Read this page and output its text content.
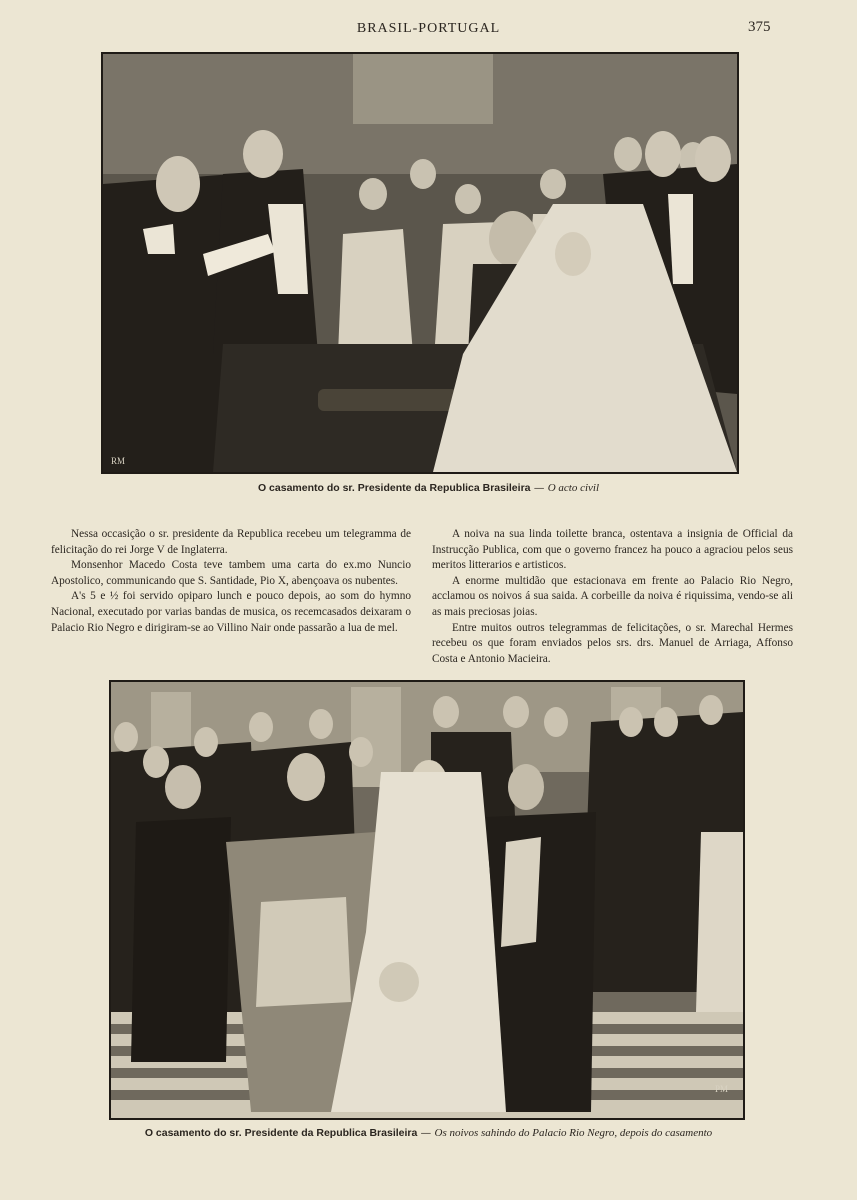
BRASIL-PORTUGAL	375
RM
O casamento do sr. Presidente da Republica Brasileira — O acto civil

Nessa occasição o sr. presidente da Republica recebeu um telegramma de felicitação do rei Jorge V de Inglaterra.

Monsenhor Macedo Costa teve tambem uma carta do ex.mo Nuncio Apostolico, communicando que S. Santidade, Pio X, abençoava os nubentes.

A's 5 e ½ foi servido opiparo lunch e pouco depois, ao som do hymno Nacional, executado por varias bandas de musica, os recemcasados deixaram o Palacio Rio Negro e dirigiram-se ao Villino Nair onde passarão a lua de mel.

A noiva na sua linda toilette branca, ostentava a insignia de Official da Instrucção Publica, com que o governo francez ha pouco a agraciou pelos seus meritos litterarios e artisticos.

A enorme multidão que estacionava em frente ao Palacio Rio Negro, acclamou os noivos á sua saida. A corbeille da noiva é riquissima, vendo-se ali as mais preciosas joias.

Entre muitos outros telegrammas de felicitações, o sr. Marechal Hermes recebeu os que foram enviados pelos srs. drs. Manuel de Arriaga, Affonso Costa e Antonio Macieira.

PM
O casamento do sr. Presidente da Republica Brasileira — Os noivos sahindo do Palacio Rio Negro, depois do casamento
